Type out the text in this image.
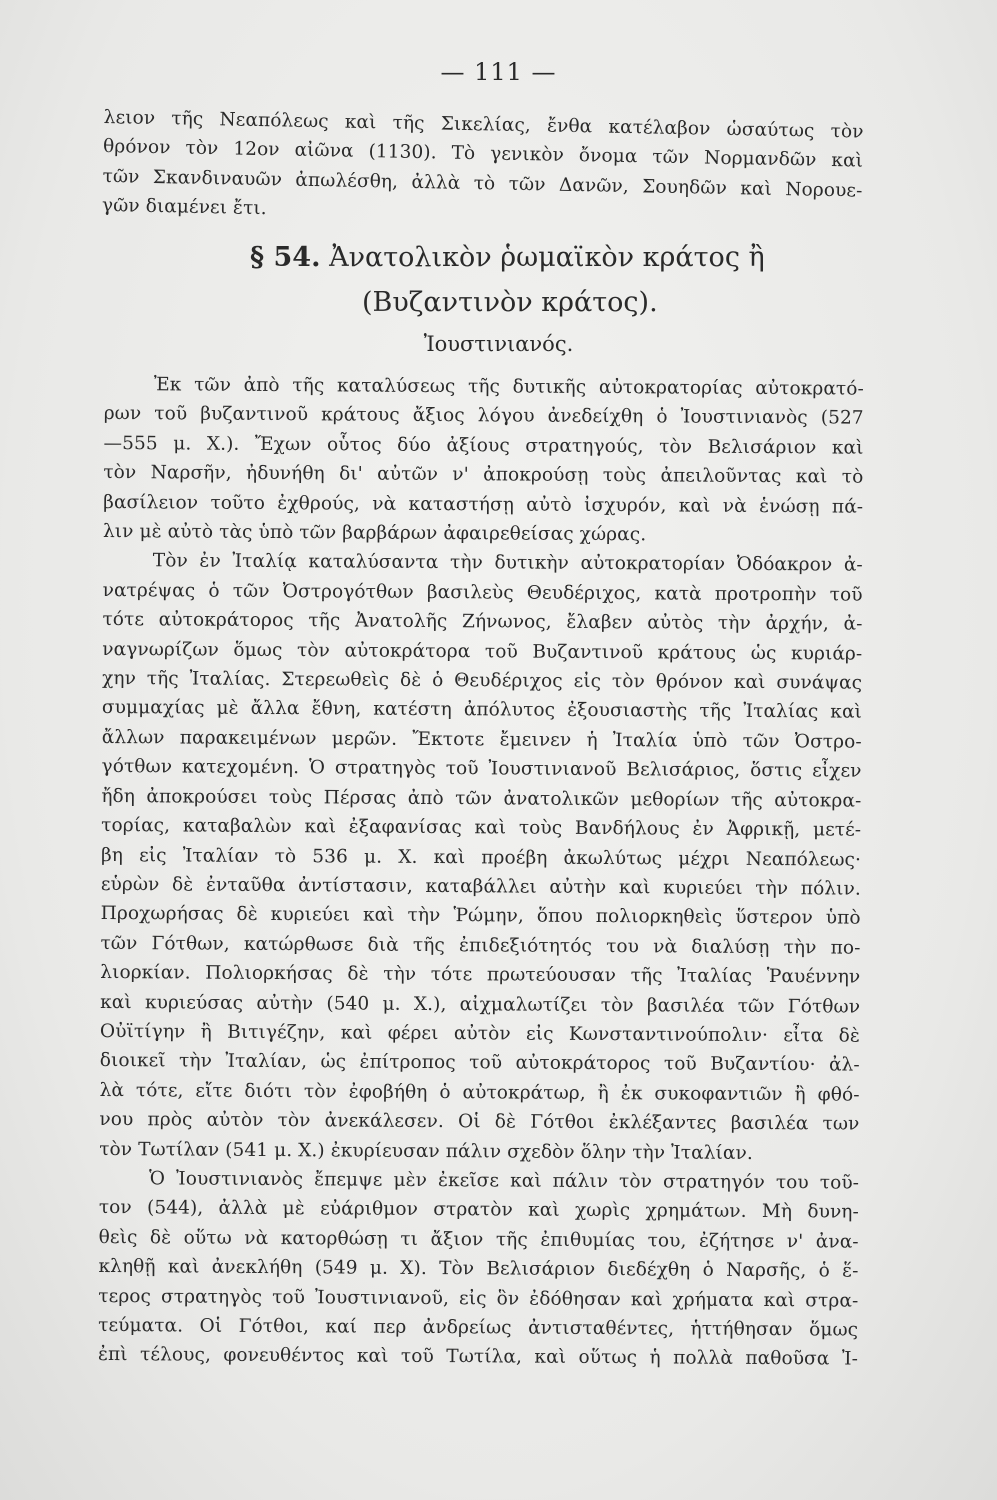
— 111 —
λειον τῆς Νεαπόλεως καὶ τῆς Σικελίας, ἔνθα κατέλαβον ὡσαύτως τὸν
θρόνον τὸν 12ον αἰῶνα (1130). Τὸ γενικὸν ὄνομα τῶν Νορμανδῶν καὶ
τῶν Σκανδιναυῶν ἀπωλέσθη, ἀλλὰ τὸ τῶν Δανῶν, Σουηδῶν καὶ Νορουε-
γῶν διαμένει ἔτι.
§ 54. Ἀνατολικὸν ῥωμαϊκὸν κράτος ἢ
(Βυζαντινὸν κράτος).
Ἰουστινιανός.
Ἐκ τῶν ἀπὸ τῆς καταλύσεως τῆς δυτικῆς αὐτοκρατορίας αὐτοκρατό-
ρων τοῦ βυζαντινοῦ κράτους ἄξιος λόγου ἀνεδείχθη ὁ Ἰουστινιανὸς (527
—555 μ. Χ.). Ἔχων οὗτος δύο ἀξίους στρατηγούς, τὸν Βελισάριον καὶ
τὸν Ναρσῆν, ἠδυνήθη δι' αὐτῶν ν' ἀποκρούσῃ τοὺς ἀπειλοῦντας καὶ τὸ
βασίλειον τοῦτο ἐχθρούς, νὰ καταστήσῃ αὐτὸ ἰσχυρόν, καὶ νὰ ἑνώσῃ πά-
λιν μὲ αὐτὸ τὰς ὑπὸ τῶν βαρβάρων ἀφαιρεθείσας χώρας.
Τὸν ἐν Ἰταλίᾳ καταλύσαντα τὴν δυτικὴν αὐτοκρατορίαν Ὀδόακρον ἀ-
νατρέψας ὁ τῶν Ὀστρογότθων βασιλεὺς Θευδέριχος, κατὰ προτροπὴν τοῦ
τότε αὐτοκράτορος τῆς Ἀνατολῆς Ζήνωνος, ἔλαβεν αὐτὸς τὴν ἀρχήν, ἀ-
ναγνωρίζων ὅμως τὸν αὐτοκράτορα τοῦ Βυζαντινοῦ κράτους ὡς κυριάρ-
χην τῆς Ἰταλίας. Στερεωθεὶς δὲ ὁ Θευδέριχος εἰς τὸν θρόνον καὶ συνάψας
συμμαχίας μὲ ἄλλα ἔθνη, κατέστη ἀπόλυτος ἐξουσιαστὴς τῆς Ἰταλίας καὶ
ἄλλων παρακειμένων μερῶν. Ἔκτοτε ἔμεινεν ἡ Ἰταλία ὑπὸ τῶν Ὀστρο-
γότθων κατεχομένη. Ὁ στρατηγὸς τοῦ Ἰουστινιανοῦ Βελισάριος, ὅστις εἶχεν
ἤδη ἀποκρούσει τοὺς Πέρσας ἀπὸ τῶν ἀνατολικῶν μεθορίων τῆς αὐτοκρα-
τορίας, καταβαλὼν καὶ ἐξαφανίσας καὶ τοὺς Βανδήλους ἐν Ἀφρικῇ, μετέ-
βη εἰς Ἰταλίαν τὸ 536 μ. Χ. καὶ προέβη ἀκωλύτως μέχρι Νεαπόλεως·
εὑρὼν δὲ ἐνταῦθα ἀντίστασιν, καταβάλλει αὐτὴν καὶ κυριεύει τὴν πόλιν.
Προχωρήσας δὲ κυριεύει καὶ τὴν Ῥώμην, ὅπου πολιορκηθεὶς ὕστερον ὑπὸ
τῶν Γότθων, κατώρθωσε διὰ τῆς ἐπιδεξιότητός του νὰ διαλύσῃ τὴν πο-
λιορκίαν. Πολιορκήσας δὲ τὴν τότε πρωτεύουσαν τῆς Ἰταλίας Ῥαυέννην
καὶ κυριεύσας αὐτὴν (540 μ. Χ.), αἰχμαλωτίζει τὸν βασιλέα τῶν Γότθων
Οὐϊτίγην ἢ Βιτιγέζην, καὶ φέρει αὐτὸν εἰς Κωνσταντινούπολιν· εἶτα δὲ
διοικεῖ τὴν Ἰταλίαν, ὡς ἐπίτροπος τοῦ αὐτοκράτορος τοῦ Βυζαντίου· ἀλ-
λὰ τότε, εἴτε διότι τὸν ἐφοβήθη ὁ αὐτοκράτωρ, ἢ ἐκ συκοφαντιῶν ἢ φθό-
νου πρὸς αὐτὸν τὸν ἀνεκάλεσεν. Οἱ δὲ Γότθοι ἐκλέξαντες βασιλέα των
τὸν Τωτίλαν (541 μ. Χ.) ἐκυρίευσαν πάλιν σχεδὸν ὅλην τὴν Ἰταλίαν.
Ὁ Ἰουστινιανὸς ἔπεμψε μὲν ἐκεῖσε καὶ πάλιν τὸν στρατηγόν του τοῦ-
τον (544), ἀλλὰ μὲ εὐάριθμον στρατὸν καὶ χωρὶς χρημάτων. Μὴ δυνη-
θεὶς δὲ οὕτω νὰ κατορθώσῃ τι ἄξιον τῆς ἐπιθυμίας του, ἐζήτησε ν' ἀνα-
κληθῇ καὶ ἀνεκλήθη (549 μ. Χ). Τὸν Βελισάριον διεδέχθη ὁ Ναρσῆς, ὁ ἕ-
τερος στρατηγὸς τοῦ Ἰουστινιανοῦ, εἰς ὃν ἐδόθησαν καὶ χρήματα καὶ στρα-
τεύματα. Οἱ Γότθοι, καί περ ἀνδρείως ἀντισταθέντες, ἡττήθησαν ὅμως
ἐπὶ τέλους, φονευθέντος καὶ τοῦ Τωτίλα, καὶ οὕτως ἡ πολλὰ παθοῦσα Ἰ-
